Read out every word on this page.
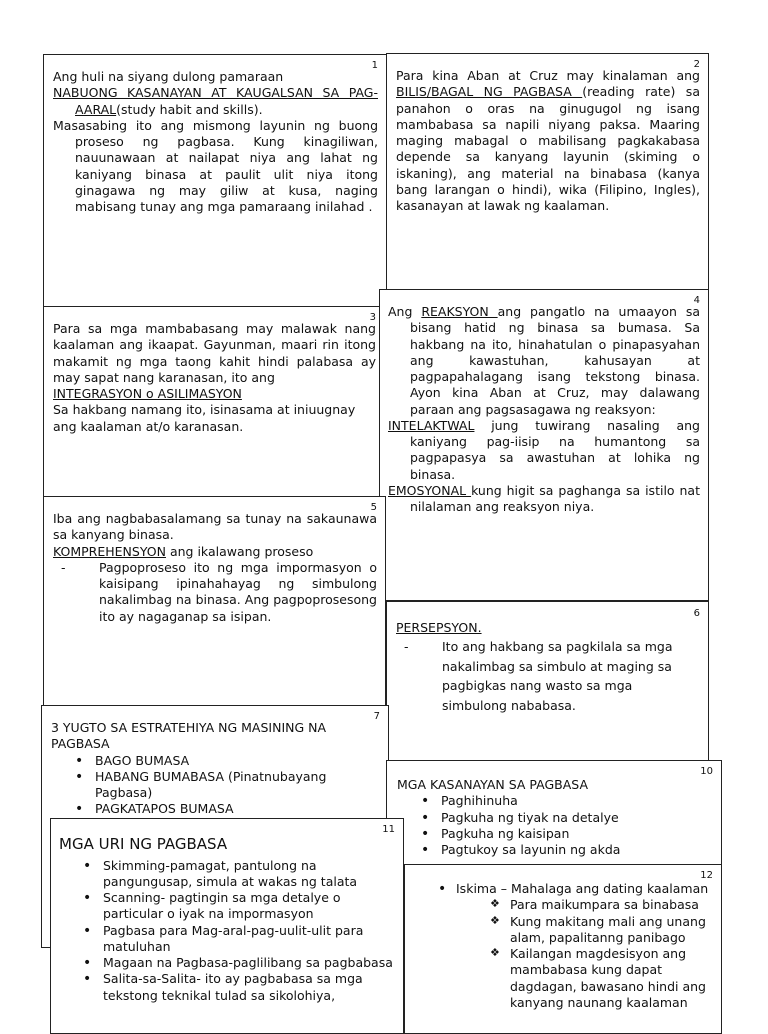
1

Ang huli na siyang dulong pamaraan

NABUONG KASANAYAN AT KAUGALSAN SA PAG-AARAL(study habit and skills).

Masasabing ito ang mismong layunin ng buong proseso ng pagbasa. Kung kinagiliwan, nauunawaan at nailapat niya ang lahat ng kaniyang binasa at paulit ulit niya itong ginagawa ng may giliw at kusa, naging mabisang tunay ang mga pamaraang inilahad .

2

Para kina Aban at Cruz may kinalaman ang BILIS/BAGAL NG PAGBASA (reading rate) sa panahon o oras na ginugugol ng isang mambabasa sa napili niyang paksa. Maaring maging mabagal o mabilisang pagkakabasa depende sa kanyang layunin (skiming o iskaning), ang material na binabasa (kanya bang larangan o hindi), wika (Filipino, Ingles), kasanayan at lawak ng kaalaman.

3

Para sa mga mambabasang may malawak nang kaalaman ang ikaapat. Gayunman, maari rin itong makamit ng mga taong kahit hindi palabasa ay may sapat nang karanasan, ito ang

INTEGRASYON o ASILIMASYON

Sa hakbang namang ito, isinasama at iniuugnay ang kaalaman at/o karanasan.

4

Ang REAKSYON ang pangatlo na umaayon sa bisang hatid ng binasa sa bumasa. Sa hakbang na ito, hinahatulan o pinapasyahan ang kawastuhan, kahusayan at pagpapahalagang isang tekstong binasa. Ayon kina Aban at Cruz, may dalawang paraan ang pagsasagawa ng reaksyon:

INTELAKTWAL jung tuwirang nasaling ang kaniyang pag-iisip na humantong sa pagpapasya sa awastuhan at lohika ng binasa.

EMOSYONAL kung higit sa paghanga sa istilo nat nilalaman ang reaksyon niya.

5

Iba ang nagbabasalamang sa tunay na sakaunawa sa kanyang binasa.

KOMPREHENSYON ang ikalawang proseso

- Pagpoproseso ito ng mga impormasyon o kaisipang ipinahahayag ng simbulong nakalimbag na binasa. Ang pagpoprosesong ito ay nagaganap sa isipan.	6

PERSEPSYON.

- Ito ang hakbang sa pagkilala sa mga nakalimbag sa simbulo at maging sa pagbigkas nang wasto sa mga simbulong nababasa.
7

3 YUGTO SA ESTRATEHIYA NG MASINING NA PAGBASA

• BAGO BUMASA
• HABANG BUMABASA (Pinatnubayang Pagbasa)
• PAGKATAPOS BUMASA
10

MGA KASANAYAN SA PAGBASA

• Paghihinuha
• Pagkuha ng tiyak na detalye
• Pagkuha ng kaisipan
• Pagtukoy sa layunin ng akda
11

MGA URI NG PAGBASA

• Skimming-pamagat, pantulong na pangungusap, simula at wakas ng talata
• Scanning- pagtingin sa mga detalye o particular o iyak na impormasyon
• Pagbasa para Mag-aral-pag-uulit-ulit para matuluhan
• Magaan na Pagbasa-paglilibang sa pagbabasa
• Salita-sa-Salita- ito ay pagbabasa sa mga tekstong teknikal tulad sa sikolohiya,
12
• Iskima – Mahalaga ang dating kaalaman
❖ Para maikumpara sa binabasa
❖ Kung makitang mali ang unang alam, papalitanng panibago
❖ Kailangan magdesisyon ang mambabasa kung dapat dagdagan, bawasano hindi ang kanyang naunang kaalaman
